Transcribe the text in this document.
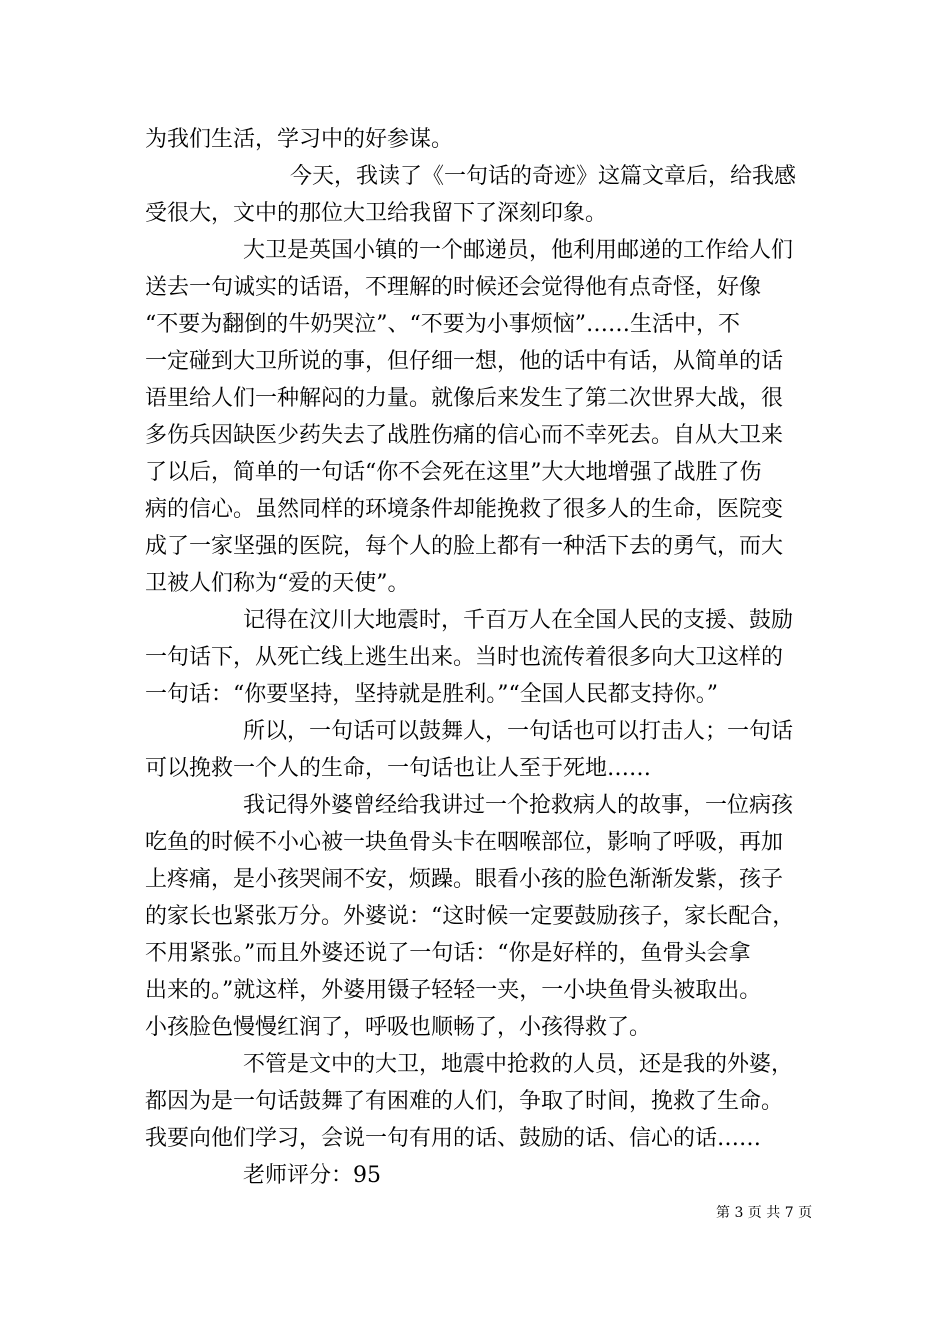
为我们生活，学习中的好参谋。
今天，我读了《一句话的奇迹》这篇文章后，给我感
受很大，文中的那位大卫给我留下了深刻印象。
大卫是英国小镇的一个邮递员，他利用邮递的工作给人们
送去一句诚实的话语，不理解的时候还会觉得他有点奇怪，好像
“不要为翻倒的牛奶哭泣”、“不要为小事烦恼”……生活中，不
一定碰到大卫所说的事，但仔细一想，他的话中有话，从简单的话
语里给人们一种解闷的力量。就像后来发生了第二次世界大战，很
多伤兵因缺医少药失去了战胜伤痛的信心而不幸死去。自从大卫来
了以后，简单的一句话“你不会死在这里”大大地增强了战胜了伤
病的信心。虽然同样的环境条件却能挽救了很多人的生命，医院变
成了一家坚强的医院，每个人的脸上都有一种活下去的勇气，而大
卫被人们称为“爱的天使”。
记得在汶川大地震时，千百万人在全国人民的支援、鼓励
一句话下，从死亡线上逃生出来。当时也流传着很多向大卫这样的
一句话：“你要坚持，坚持就是胜利。”“全国人民都支持你。”
所以，一句话可以鼓舞人，一句话也可以打击人；一句话
可以挽救一个人的生命，一句话也让人至于死地……
我记得外婆曾经给我讲过一个抢救病人的故事，一位病孩
吃鱼的时候不小心被一块鱼骨头卡在咽喉部位，影响了呼吸，再加
上疼痛，是小孩哭闹不安，烦躁。眼看小孩的脸色渐渐发紫，孩子
的家长也紧张万分。外婆说：“这时候一定要鼓励孩子，家长配合，
不用紧张。”而且外婆还说了一句话：“你是好样的，鱼骨头会拿
出来的。”就这样，外婆用镊子轻轻一夹，一小块鱼骨头被取出。
小孩脸色慢慢红润了，呼吸也顺畅了，小孩得救了。
不管是文中的大卫，地震中抢救的人员，还是我的外婆，
都因为是一句话鼓舞了有困难的人们，争取了时间，挽救了生命。
我要向他们学习，会说一句有用的话、鼓励的话、信心的话……
老师评分：95
第 3 页 共 7 页
